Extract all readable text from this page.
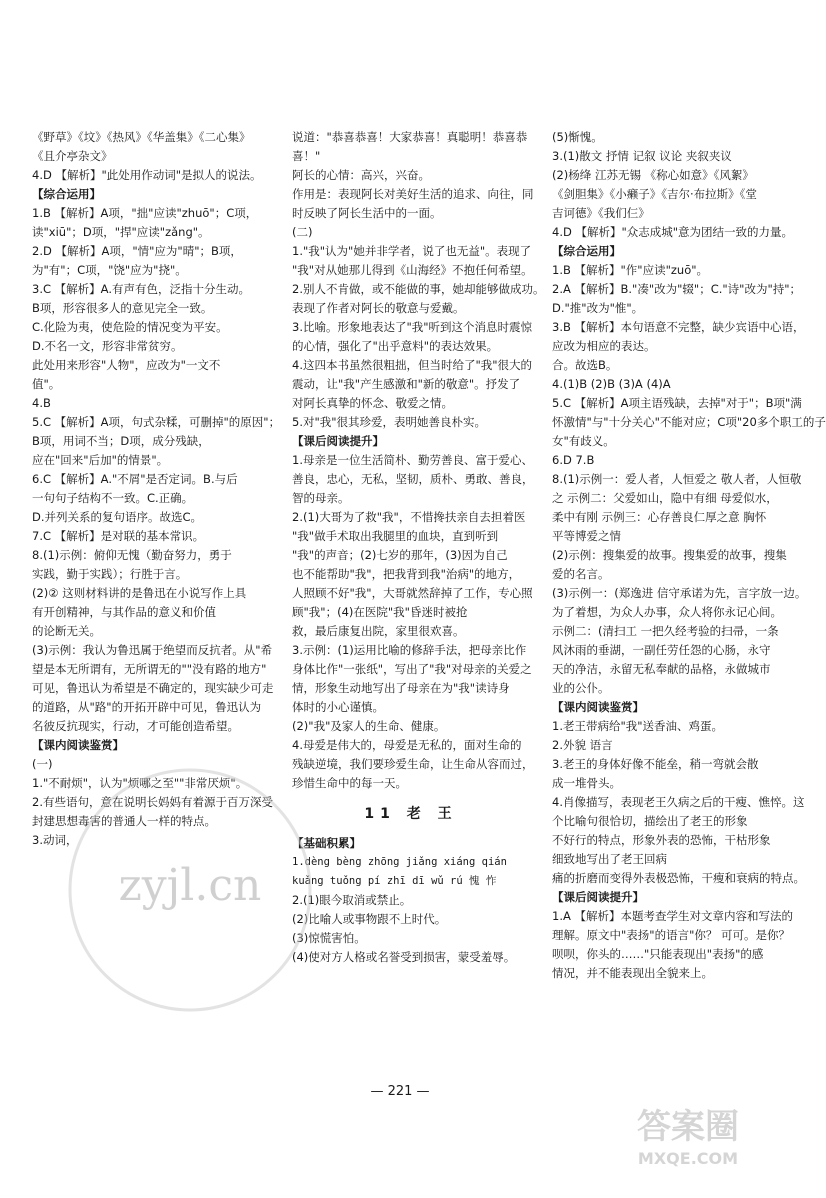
《野草》《坟》《热风》《华盖集》《二心集》
《且介亭杂文》
4.D 【解析】"此处用作动词"是拟人的说法。
【综合运用】
1.B 【解析】A项，"拙"应读"zhuō"；C项，
读"xiū"；D项，"捍"应读"zǎng"。
2.D 【解析】A项，"情"应为"晴"；B项，
为"有"；C项，"饶"应为"挠"。
3.C 【解析】A.有声有色，泛指十分生动。
B项，形容很多人的意见完全一致。
C.化险为夷，使危险的情况变为平安。
D.不名一文，形容非常贫穷。
此处用来形容"人物"，应改为"一文不
值"。
4.B
5.C 【解析】A项，句式杂糅，可删掉"的原因"；
B项，用词不当；D项，成分残缺，
应在"回来"后加"的情景"。
6.C 【解析】A."不屑"是否定词。B.与后
一句句子结构不一致。C.正确。
D.并列关系的复句语序。故选C。
7.C 【解析】是对联的基本常识。
8.(1)示例：俯仰无愧（勤奋努力，勇于
实践，勤于实践）；行胜于言。
(2)② 这则材料讲的是鲁迅在小说写作上具
有开创精神，与其作品的意义和价值
的论断无关。
(3)示例：我认为鲁迅属于绝望而反抗者。从"希
望是本无所谓有，无所谓无的""没有路的地方"
可见，鲁迅认为希望是不确定的，现实缺少可走
的道路，从"路"的开拓开辟中可见，鲁迅认为
名彼反抗现实，行动，才可能创造希望。
【课内阅读鉴赏】
(一)
1."不耐烦"，认为"烦哪之至""非常厌烦"。
2.有些语句，意在说明长妈妈有着源于百万深受
封建思想毒害的普通人一样的特点。
3.动词，
说道："恭喜恭喜！大家恭喜！真聪明！恭喜恭
喜！"
阿长的心情：高兴，兴奋。
作用是：表现阿长对美好生活的追求、向往，同
时反映了阿长生活中的一面。
(二)
1."我"认为"她并非学者，说了也无益"。表现了
"我"对从她那儿得到《山海经》不抱任何希望。
2.别人不肯做，或不能做的事，她却能够做成功。
表现了作者对阿长的敬意与爱戴。
3.比喻。形象地表达了"我"听到这个消息时震惊
的心情，强化了"出乎意料"的表达效果。
4.这四本书虽然很粗拙，但当时给了"我"很大的
震动，让"我"产生感激和"新的敬意"。抒发了
对阿长真挚的怀念、敬爱之情。
5.对"我"很其珍爱，表明她善良朴实。
【课后阅读提升】
1.母亲是一位生活简朴、勤劳善良、富于爱心、
善良，忠心，无私，坚韧，质朴、勇敢、善良，
智的母亲。
2.(1)大哥为了救"我"，不惜搀扶亲自去担着医
"我"做手术取出我腿里的血块，直到听到
"我"的声音；(2)七岁的那年，(3)因为自己
也不能帮助"我"，把我背到我"治病"的地方，
人照顾不好"我"，大哥就然辞掉了工作，专心照
顾"我"；(4)在医院"我"昏迷时被抢
救，最后康复出院，家里很欢喜。
3.示例：(1)运用比喻的修辞手法，把母亲比作
身体比作"一张纸"，写出了"我"对母亲的关爱之
情，形象生动地写出了母亲在为"我"读诗身
体时的小心谨慎。
(2)"我"及家人的生命、健康。
4.母爱是伟大的，母爱是无私的，面对生命的
残缺逆境，我们要珍爱生命，让生命从容而过，
珍惜生命中的每一天。
11 老 王
【基础积累】
1.dèng bèng zhōng jiǎng xiáng qián
kuǎng tuǒng pí zhī dī wǔ rú 愧 怍
2.(1)眼今取消或禁止。
(2)比喻人或事物跟不上时代。
(3)惊慌害怕。
(4)使对方人格或名誉受到损害，蒙受羞辱。
(5)惭愧。
3.(1)散文 抒情 记叙 议论 夹叙夹议
(2)杨绛 江苏无锡 《称心如意》《风絮》
《剑胆集》《小癞子》《吉尔·布拉斯》《堂
吉诃德》《我们仨》
4.D 【解析】"众志成城"意为团结一致的力量。
【综合运用】
1.B 【解析】"作"应读"zuō"。
2.A 【解析】B."凑"改为"辍"；C."诗"改为"持"；
D."推"改为"惟"。
3.B 【解析】本句语意不完整，缺少宾语中心语，
应改为相应的表达。
合。故选B。
4.(1)B (2)B (3)A (4)A
5.C 【解析】A项主语残缺，去掉"对于"；B项"满
怀激情"与"十分关心"不能对应；C项"20多个职工的子
女"有歧义。
6.D 7.B
8.(1)示例一：爱人者，人恒爱之 敬人者，人恒敬
之 示例二：父爱如山，隐中有细 母爱似水，
柔中有刚 示例三：心存善良仁厚之意 胸怀
平等博爱之情
(2)示例：搜集爱的故事。搜集爱的故事，搜集
爱的名言。
(3)示例一：(郑逸进 信守承诺为先，言字放一边。
为了着想，为众人办事，众人将你永记心间。
示例二：(清扫工 一把久经考验的扫帚，一条
风沐雨的垂湖，一副任劳任怨的心肠，永守
天的净洁，永留无私奉献的品格，永做城市
业的公仆。
【课内阅读鉴赏】
1.老王带病给"我"送香油、鸡蛋。
2.外貌 语言
3.老王的身体好像不能垒，稍一弯就会散
成一堆骨头。
4.肖像描写，表现老王久病之后的干瘦、憔悴。这
个比喻句很恰切，描绘出了老王的形象
不好行的特点，形象外表的恐怖，干枯形象
细致地写出了老王回病
痛的折磨而变得外表极恐怖，干瘦和衰病的特点。
【课后阅读提升】
1.A 【解析】本题考查学生对文章内容和写法的
理解。原文中"表扬"的语言"你？ 可可。是你？
呗呗，你头的……"只能表现出"表扬"的感
情况，并不能表现出全貌来上。
— 221 —
zyjl.cn
答案圈
MXQE.COM
